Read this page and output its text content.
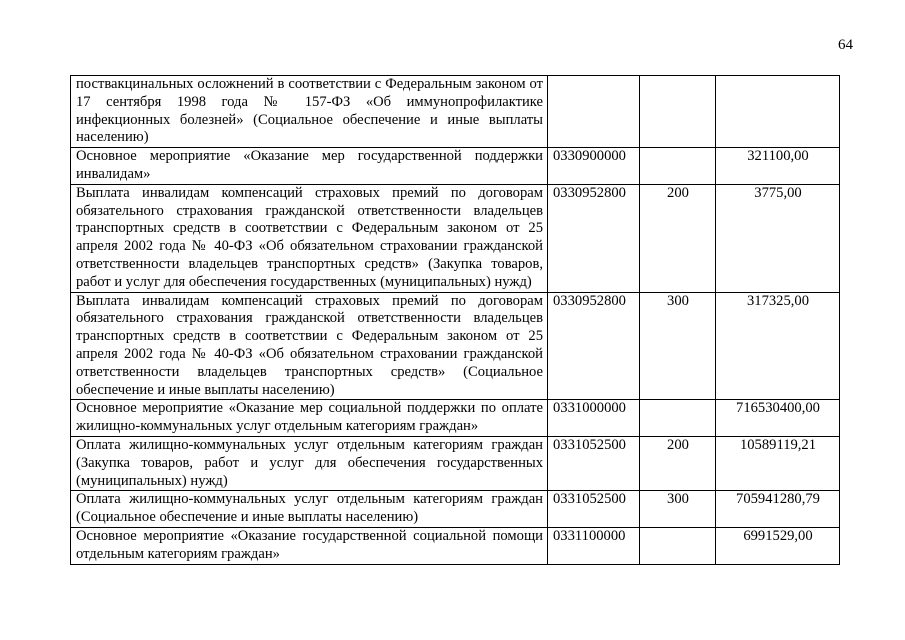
64
поствакцинальных осложнений в соответствии с Федеральным законом от 17 сентября 1998 года № 157-ФЗ «Об иммунопрофилактике инфекционных болезней» (Социальное обеспечение и иные выплаты населению)			
Основное мероприятие «Оказание мер государственной поддержки инвалидам»	0330900000		321100,00
Выплата инвалидам компенсаций страховых премий по договорам обязательного страхования гражданской ответственности владельцев транспортных средств в соответствии с Федеральным законом от 25 апреля 2002 года № 40-ФЗ «Об обязательном страховании гражданской ответственности владельцев транспортных средств» (Закупка товаров, работ и услуг для обеспечения государственных (муниципальных) нужд)	0330952800	200	3775,00
Выплата инвалидам компенсаций страховых премий по договорам обязательного страхования гражданской ответственности владельцев транспортных средств в соответствии с Федеральным законом от 25 апреля 2002 года № 40-ФЗ «Об обязательном страховании гражданской ответственности владельцев транспортных средств» (Социальное обеспечение и иные выплаты населению)	0330952800	300	317325,00
Основное мероприятие «Оказание мер социальной поддержки по оплате жилищно-коммунальных услуг отдельным категориям граждан»	0331000000		716530400,00
Оплата жилищно-коммунальных услуг отдельным категориям граждан (Закупка товаров, работ и услуг для обеспечения государственных (муниципальных) нужд)	0331052500	200	10589119,21
Оплата жилищно-коммунальных услуг отдельным категориям граждан (Социальное обеспечение и иные выплаты населению)	0331052500	300	705941280,79
Основное мероприятие «Оказание государственной социальной помощи отдельным категориям граждан»	0331100000		6991529,00
